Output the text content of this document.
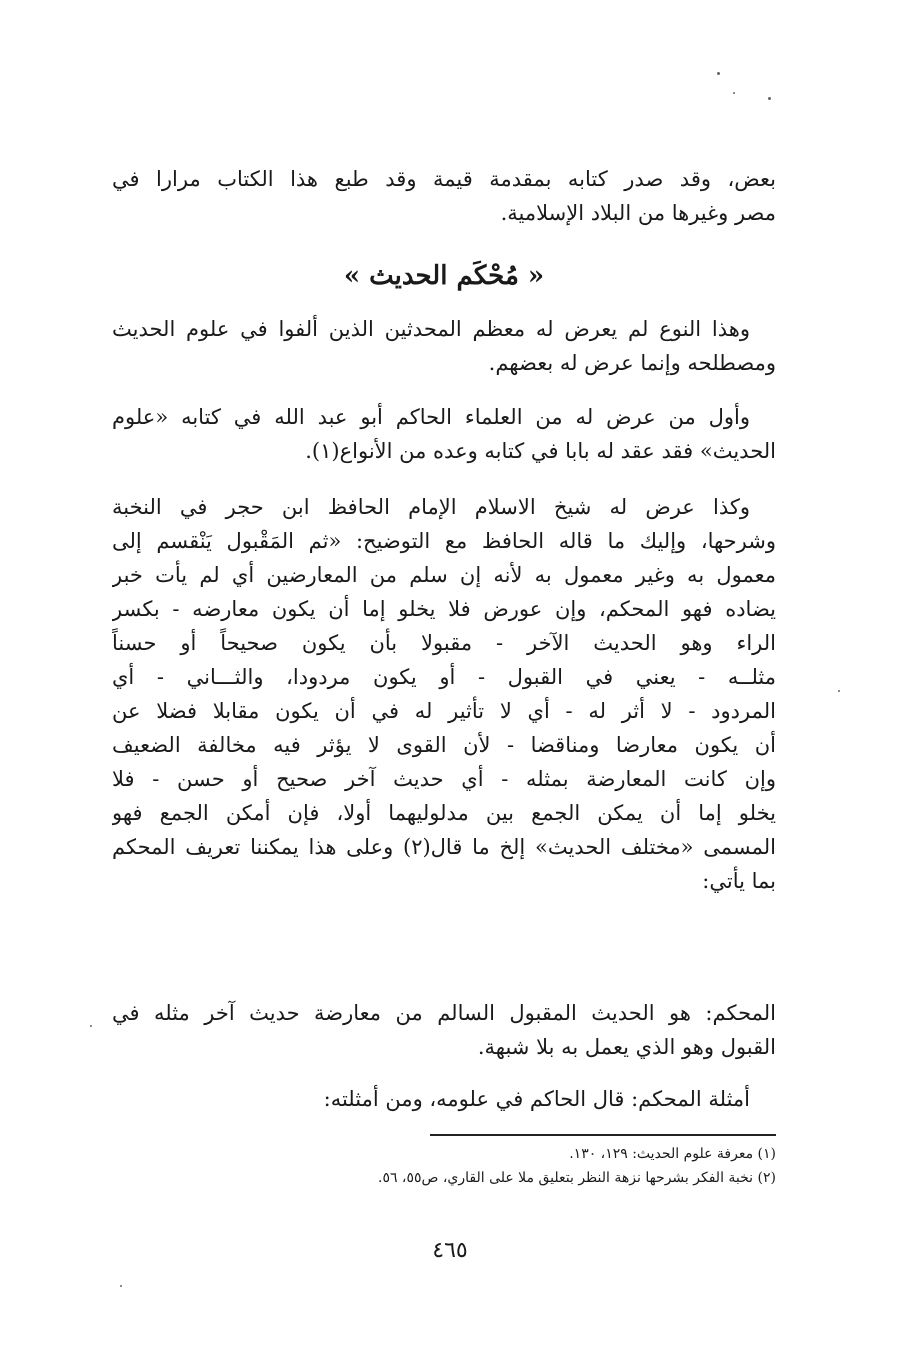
بعض، وقد صدر كتابه بمقدمة قيمة وقد طبع هذا الكتاب مرارا في
مصر وغيرها من البلاد الإسلامية.
« مُحْكَم الحديث »
وهذا النوع لم يعرض له معظم المحدثين الذين ألفوا في علوم الحديث
ومصطلحه وإنما عرض له بعضهم.
وأول من عرض له من العلماء الحاكم أبو عبد الله في كتابه «علوم
الحديث» فقد عقد له بابا في كتابه وعده من الأنواع(١).
وكذا عرض له شيخ الاسلام الإمام الحافظ ابن حجر في النخبة
وشرحها، وإليك ما قاله الحافظ مع التوضيح: «ثم المَقْبول يَنْقسم إلى
معمول به وغير معمول به لأنه إن سلم من المعارضين أي لم يأت خبر
يضاده فهو المحكم، وإن عورض فلا يخلو إما أن يكون معارضه - بكسر
الراء وهو الحديث الآخر - مقبولا بأن يكون صحيحاً أو حسناً
مثلــه - يعني في القبول - أو يكون مردودا، والثـــاني - أي
المردود - لا أثر له - أي لا تأثير له في أن يكون مقابلا فضلا عن
أن يكون معارضا ومناقضا - لأن القوى لا يؤثر فيه مخالفة الضعيف
وإن كانت المعارضة بمثله - أي حديث آخر صحيح أو حسن - فلا
يخلو إما أن يمكن الجمع بين مدلوليهما أولا، فإن أمكن الجمع فهو
المسمى «مختلف الحديث» إلخ ما قال(٢) وعلى هذا يمكننا تعريف المحكم
بما يأتي:
المحكم: هو الحديث المقبول السالم من معارضة حديث آخر مثله في
القبول وهو الذي يعمل به بلا شبهة.
أمثلة المحكم: قال الحاكم في علومه، ومن أمثلته:
(١) معرفة علوم الحديث: ١٢٩، ١٣٠.
(٢) نخبة الفكر بشرحها نزهة النظر بتعليق ملا على القاري، ص٥٥، ٥٦.
٤٦٥
